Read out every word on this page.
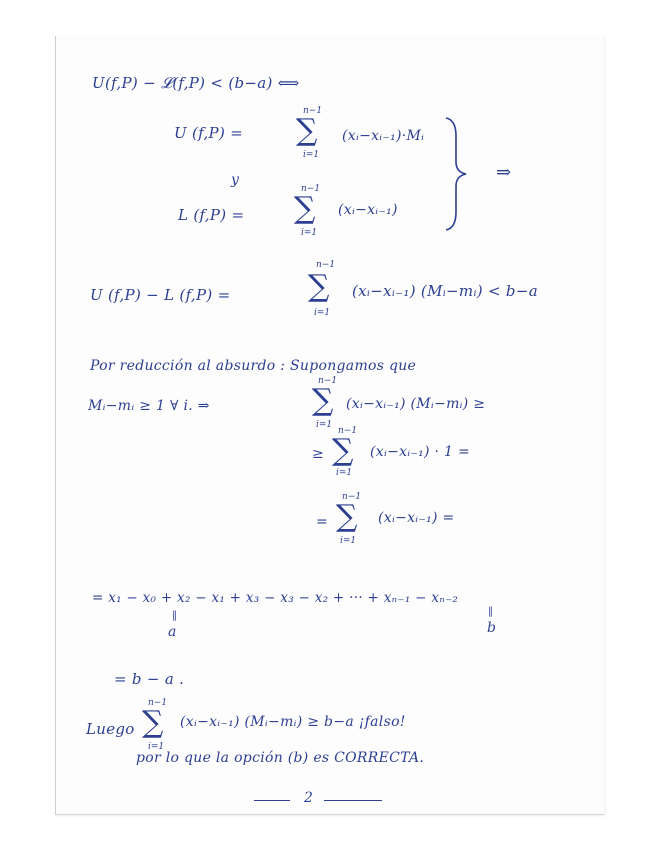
U(f,P) − 𝓛(f,P) < (b−a) ⟺
U (f,P) =
n−1
∑
i=1
(xᵢ−xᵢ₋₁)·Mᵢ
y
L (f,P) =
n−1
∑
i=1
(xᵢ−xᵢ₋₁)
⇒
U (f,P) − L (f,P) =
n−1
∑
i=1
(xᵢ−xᵢ₋₁) (Mᵢ−mᵢ) < b−a
Por reducción al absurdo : Supongamos que
Mᵢ−mᵢ ≥ 1 ∀ i. ⇒
n−1
∑
i=1
(xᵢ−xᵢ₋₁) (Mᵢ−mᵢ) ≥
≥
n−1
∑
i=1
(xᵢ−xᵢ₋₁) · 1 =
=
n−1
∑
i=1
(xᵢ−xᵢ₋₁) =
= x₁ − x₀ + x₂ − x₁ + x₃ − x₃ − x₂ + ··· + xₙ₋₁ − xₙ₋₂
‖
a
‖
b
= b − a .
Luego
n−1
∑
i=1
(xᵢ−xᵢ₋₁) (Mᵢ−mᵢ) ≥ b−a ¡falso!
por lo que la opción (b) es CORRECTA.
2
